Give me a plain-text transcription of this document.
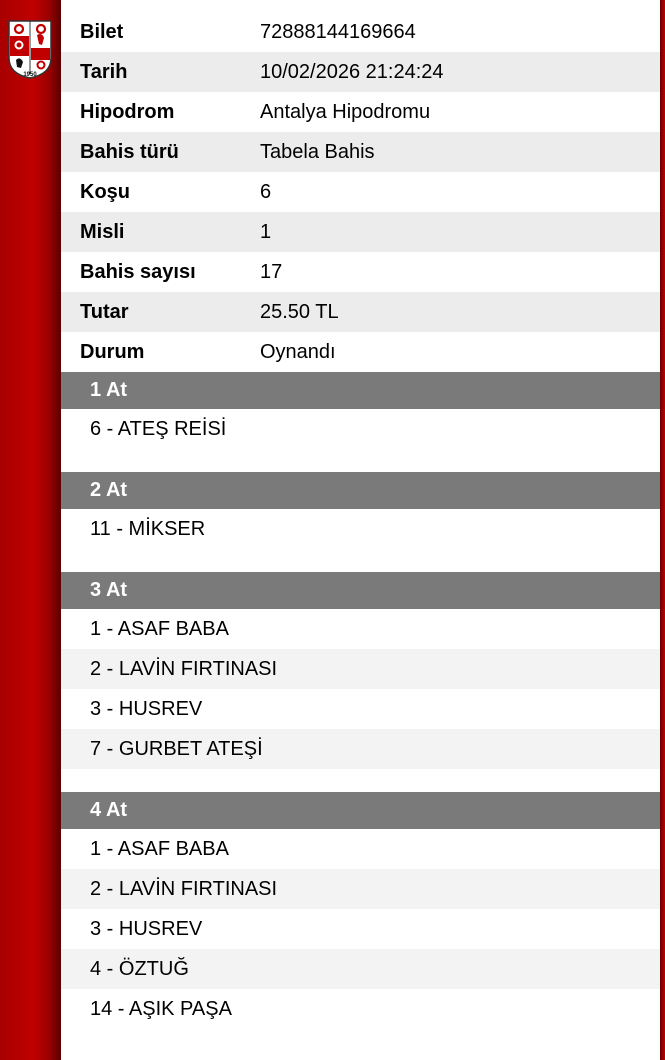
1950
Bilet	72888144169664
Tarih	10/02/2026 21:24:24
Hipodrom	Antalya Hipodromu
Bahis türü	Tabela Bahis
Koşu	6
Misli	1
Bahis sayısı	17
Tutar	25.50 TL
Durum	Oynandı
1 At
6 - ATEŞ REİSİ
2 At
11 - MİKSER
3 At
1 - ASAF BABA
2 - LAVİN FIRTINASI
3 - HUSREV
7 - GURBET ATEŞİ
4 At
1 - ASAF BABA
2 - LAVİN FIRTINASI
3 - HUSREV
4 - ÖZTUĞ
14 - AŞIK PAŞA
